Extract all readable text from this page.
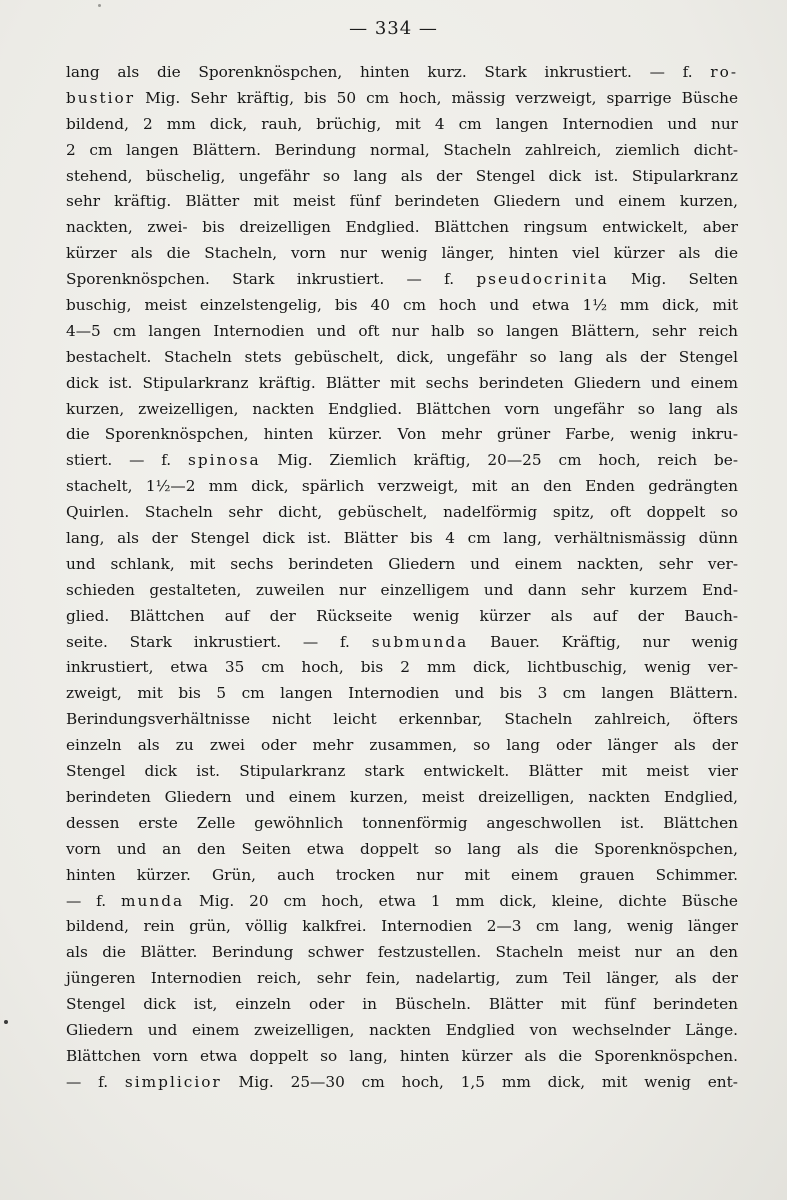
— 334 —
lang als die Sporenknöspchen, hinten kurz. Stark inkrustiert. — f. ro-
bustior Mig. Sehr kräftig, bis 50 cm hoch, mässig verzweigt, sparrige Büsche
bildend, 2 mm dick, rauh, brüchig, mit 4 cm langen Internodien und nur
2 cm langen Blättern. Berindung normal, Stacheln zahlreich, ziemlich dicht-
stehend, büschelig, ungefähr so lang als der Stengel dick ist. Stipularkranz
sehr kräftig. Blätter mit meist fünf berindeten Gliedern und einem kurzen,
nackten, zwei- bis dreizelligen Endglied. Blättchen ringsum entwickelt, aber
kürzer als die Stacheln, vorn nur wenig länger, hinten viel kürzer als die
Sporenknöspchen. Stark inkrustiert. — f. pseudocrinita Mig. Selten
buschig, meist einzelstengelig, bis 40 cm hoch und etwa 1½ mm dick, mit
4—5 cm langen Internodien und oft nur halb so langen Blättern, sehr reich
bestachelt. Stacheln stets gebüschelt, dick, ungefähr so lang als der Stengel
dick ist. Stipularkranz kräftig. Blätter mit sechs berindeten Gliedern und einem
kurzen, zweizelligen, nackten Endglied. Blättchen vorn ungefähr so lang als
die Sporenknöspchen, hinten kürzer. Von mehr grüner Farbe, wenig inkru-
stiert. — f. spinosa Mig. Ziemlich kräftig, 20—25 cm hoch, reich be-
stachelt, 1½—2 mm dick, spärlich verzweigt, mit an den Enden gedrängten
Quirlen. Stacheln sehr dicht, gebüschelt, nadelförmig spitz, oft doppelt so
lang, als der Stengel dick ist. Blätter bis 4 cm lang, verhältnismässig dünn
und schlank, mit sechs berindeten Gliedern und einem nackten, sehr ver-
schieden gestalteten, zuweilen nur einzelligem und dann sehr kurzem End-
glied. Blättchen auf der Rückseite wenig kürzer als auf der Bauch-
seite. Stark inkrustiert. — f. submunda Bauer. Kräftig, nur wenig
inkrustiert, etwa 35 cm hoch, bis 2 mm dick, lichtbuschig, wenig ver-
zweigt, mit bis 5 cm langen Internodien und bis 3 cm langen Blättern.
Berindungsverhältnisse nicht leicht erkennbar, Stacheln zahlreich, öfters
einzeln als zu zwei oder mehr zusammen, so lang oder länger als der
Stengel dick ist. Stipularkranz stark entwickelt. Blätter mit meist vier
berindeten Gliedern und einem kurzen, meist dreizelligen, nackten Endglied,
dessen erste Zelle gewöhnlich tonnenförmig angeschwollen ist. Blättchen
vorn und an den Seiten etwa doppelt so lang als die Sporenknöspchen,
hinten kürzer. Grün, auch trocken nur mit einem grauen Schimmer.
— f. munda Mig. 20 cm hoch, etwa 1 mm dick, kleine, dichte Büsche
bildend, rein grün, völlig kalkfrei. Internodien 2—3 cm lang, wenig länger
als die Blätter. Berindung schwer festzustellen. Stacheln meist nur an den
jüngeren Internodien reich, sehr fein, nadelartig, zum Teil länger, als der
Stengel dick ist, einzeln oder in Büscheln. Blätter mit fünf berindeten
Gliedern und einem zweizelligen, nackten Endglied von wechselnder Länge.
Blättchen vorn etwa doppelt so lang, hinten kürzer als die Sporenknöspchen.
— f. simplicior Mig. 25—30 cm hoch, 1,5 mm dick, mit wenig ent-
